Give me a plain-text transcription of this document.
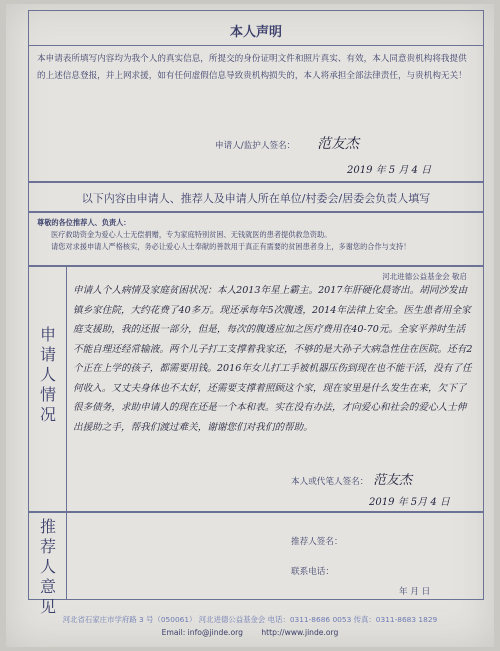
本人声明
本申请表所填写内容均为我个人的真实信息，所提交的身份证明文件和照片真实、有效，本人同意贵机构将我提供的上述信息登报，并上网求援，如有任何虚假信息导致贵机构损失的，本人将承担全部法律责任，与贵机构无关！
申请人/监护人签名： 范友杰
2019 年 5 月 4 日
以下内容由申请人、推荐人及申请人所在单位/村委会/居委会负责人填写
尊敬的各位推荐人、负责人：
医疗救助资金为爱心人士无偿捐赠，专为家庭特别贫困、无钱就医的患者提供救急资助。
请您对求援申请人严格核实，务必让爱心人士奉献的善款用于真正有需要的贫困患者身上，多谢您的合作与支持！
申请人情况
河北进德公益基金会 敬启
申请人个人病情及家庭贫困状况：本人2013年星上霸主。2017年肝硬化晨寄出。胡同沙发由镇乡家住院，大约花费了40多万。现还承每年5次腹透，2014年法律上安全。医生患者用全家庭支援助，我的还报一部分，但是，每次的腹透应加之医疗费用在40-70元。全家平养时生活不能自理还经常输液。两个儿子打工支撑着我家还，不够的是大孙子大病急性住在医院。还有2个正在上学的孩子，都需要用钱。2016年女儿打工手被机器压伤到现在也不能干活，没有了任何收入。又丈夫身体也不太好，还需要支撑着照顾这个家，现在家里是什么发生在来，欠下了很多债务，求助申请人的现在还是一个本和表。实在没有办法，才向爱心和社会的爱心人士伸出援助之手，帮我们渡过难关，谢谢您们对我们的帮助。
本人或代笔人签名： 范友杰
2019 年 5月 4 日
推荐人意见
推荐人签名：
联系电话：
年 月 日
河北省石家庄市学府路 3 号（050061） 河北进德公益基金会 电话：0311-8686 0053 传真：0311-8683 1829
Email: info@jinde.org http://www.jinde.org
